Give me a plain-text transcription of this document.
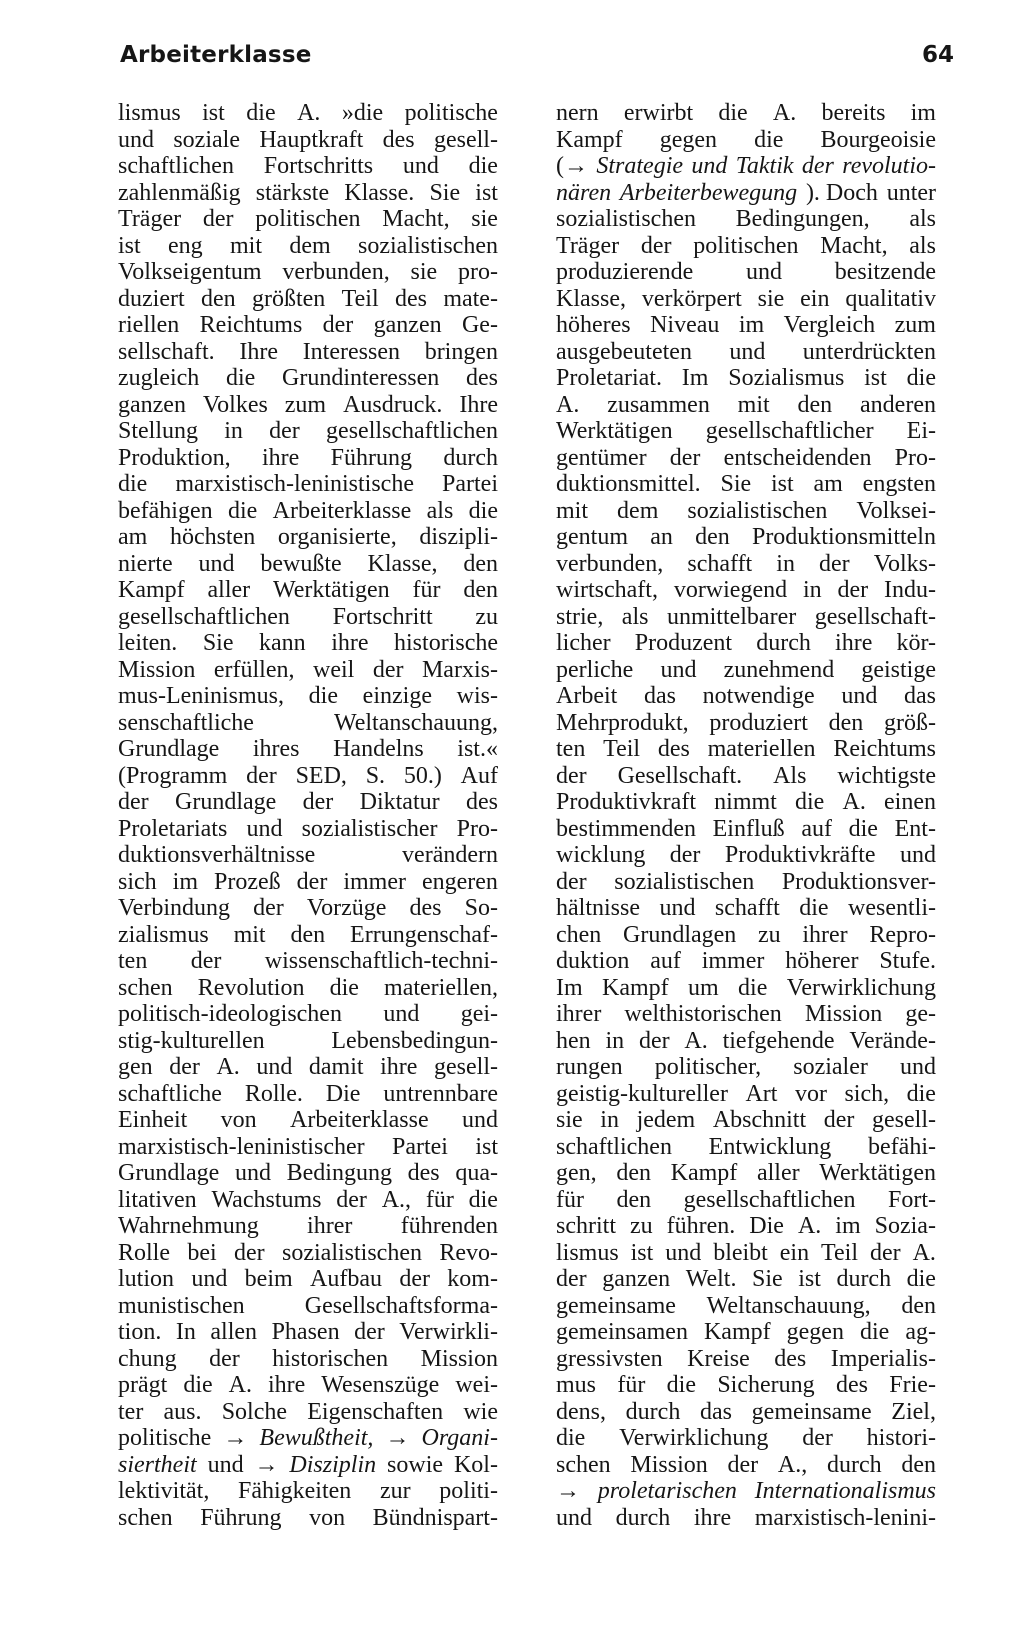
Arbeiterklasse	64
lismus ist die A. »die politische
und soziale Hauptkraft des gesell-
schaftlichen Fortschritts und die
zahlenmäßig stärkste Klasse. Sie ist
Träger der politischen Macht, sie
ist eng mit dem sozialistischen
Volkseigentum verbunden, sie pro-
duziert den größten Teil des mate-
riellen Reichtums der ganzen Ge-
sellschaft. Ihre Interessen bringen
zugleich die Grundinteressen des
ganzen Volkes zum Ausdruck. Ihre
Stellung in der gesellschaftlichen
Produktion, ihre Führung durch
die marxistisch-leninistische Partei
befähigen die Arbeiterklasse als die
am höchsten organisierte, diszipli-
nierte und bewußte Klasse, den
Kampf aller Werktätigen für den
gesellschaftlichen Fortschritt zu
leiten. Sie kann ihre historische
Mission erfüllen, weil der Marxis-
mus-Leninismus, die einzige wis-
senschaftliche	Weltanschauung,
Grundlage ihres Handelns ist.«
(Programm der SED, S. 50.) Auf
der Grundlage der Diktatur des
Proletariats und sozialistischer Pro-
duktionsverhältnisse	verändern
sich im Prozeß der immer engeren
Verbindung der Vorzüge des So-
zialismus mit den Errungenschaf-
ten der wissenschaftlich-techni-
schen Revolution die materiellen,
politisch-ideologischen und gei-
stig-kulturellen	Lebensbedingun-
gen der A. und damit ihre gesell-
schaftliche Rolle. Die untrennbare
Einheit von Arbeiterklasse und
marxistisch-leninistischer Partei ist
Grundlage und Bedingung des qua-
litativen Wachstums der A., für die
Wahrnehmung ihrer führenden
Rolle bei der sozialistischen Revo-
lution und beim Aufbau der kom-
munistischen	Gesellschaftsforma-
tion. In allen Phasen der Verwirkli-
chung der historischen Mission
prägt die A. ihre Wesenszüge wei-
ter aus. Solche Eigenschaften wie
politische → Bewußtheit, → Organi-
siertheit und → Disziplin sowie Kol-
lektivität, Fähigkeiten zur politi-
schen Führung von Bündnispart-
nern erwirbt die A. bereits im
Kampf gegen die Bourgeoisie
(→ Strategie und Taktik der revolutio-
nären Arbeiterbewegung ). Doch unter
sozialistischen Bedingungen, als
Träger der politischen Macht, als
produzierende und besitzende
Klasse, verkörpert sie ein qualitativ
höheres Niveau im Vergleich zum
ausgebeuteten und unterdrückten
Proletariat. Im Sozialismus ist die
A. zusammen mit den anderen
Werktätigen gesellschaftlicher Ei-
gentümer der entscheidenden Pro-
duktionsmittel. Sie ist am engsten
mit dem sozialistischen Volksei-
gentum an den Produktionsmitteln
verbunden, schafft in der Volks-
wirtschaft, vorwiegend in der Indu-
strie, als unmittelbarer gesellschaft-
licher Produzent durch ihre kör-
perliche und zunehmend geistige
Arbeit das notwendige und das
Mehrprodukt, produziert den größ-
ten Teil des materiellen Reichtums
der Gesellschaft. Als wichtigste
Produktivkraft nimmt die A. einen
bestimmenden Einfluß auf die Ent-
wicklung der Produktivkräfte und
der sozialistischen Produktionsver-
hältnisse und schafft die wesentli-
chen Grundlagen zu ihrer Repro-
duktion auf immer höherer Stufe.
Im Kampf um die Verwirklichung
ihrer welthistorischen Mission ge-
hen in der A. tiefgehende Verände-
rungen politischer, sozialer und
geistig-kultureller Art vor sich, die
sie in jedem Abschnitt der gesell-
schaftlichen Entwicklung befähi-
gen, den Kampf aller Werktätigen
für den gesellschaftlichen Fort-
schritt zu führen. Die A. im Sozia-
lismus ist und bleibt ein Teil der A.
der ganzen Welt. Sie ist durch die
gemeinsame Weltanschauung, den
gemeinsamen Kampf gegen die ag-
gressivsten Kreise des Imperialis-
mus für die Sicherung des Frie-
dens, durch das gemeinsame Ziel,
die Verwirklichung der histori-
schen Mission der A., durch den
→ proletarischen Internationalismus
und durch ihre marxistisch-lenini-
